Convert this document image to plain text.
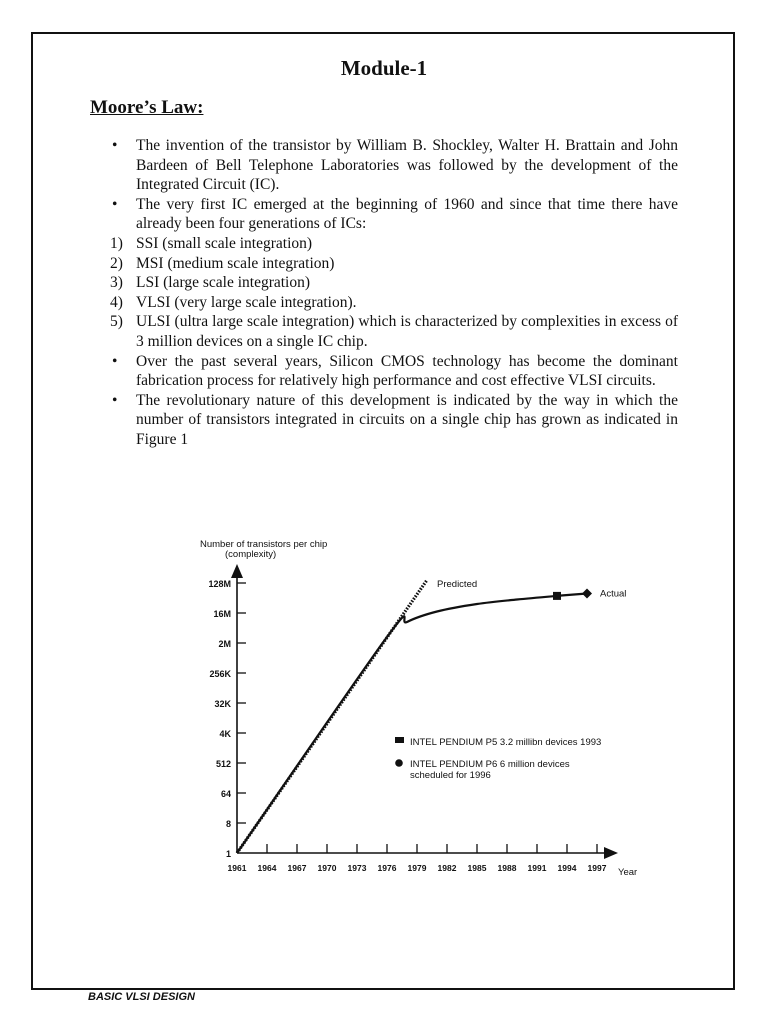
Module-1
Moore’s Law:
• The invention of the transistor by William B. Shockley, Walter H. Brattain and John Bardeen of Bell Telephone Laboratories was followed by the development of the Integrated Circuit (IC).
• The very first IC emerged at the beginning of 1960 and since that time there have already been four generations of ICs:
1) SSI (small scale integration)
2) MSI (medium scale integration)
3) LSI (large scale integration)
4) VLSI (very large scale integration).
5) ULSI (ultra large scale integration) which is characterized by complexities in excess of 3 million devices on a single IC chip.
• Over the past several years, Silicon CMOS technology has become the dominant fabrication process for relatively high performance and cost effective VLSI circuits.
• The revolutionary nature of this development is indicated by the way in which the number of transistors integrated in circuits on a single chip has grown as indicated in Figure 1
Number of transistors per chip
(complexity)
Year
1
8
64
512
4K
32K
256K
2M
16M
128M
1961 1964 1967 1970 1973 1976 1979 1982 1985 1988 1991 1994 1997
Predicted
Actual
INTEL PENDIUM P5 3.2 millibn devices 1993
INTEL PENDIUM P6 6 million devices
scheduled for 1996
BASIC VLSI DESIGN
